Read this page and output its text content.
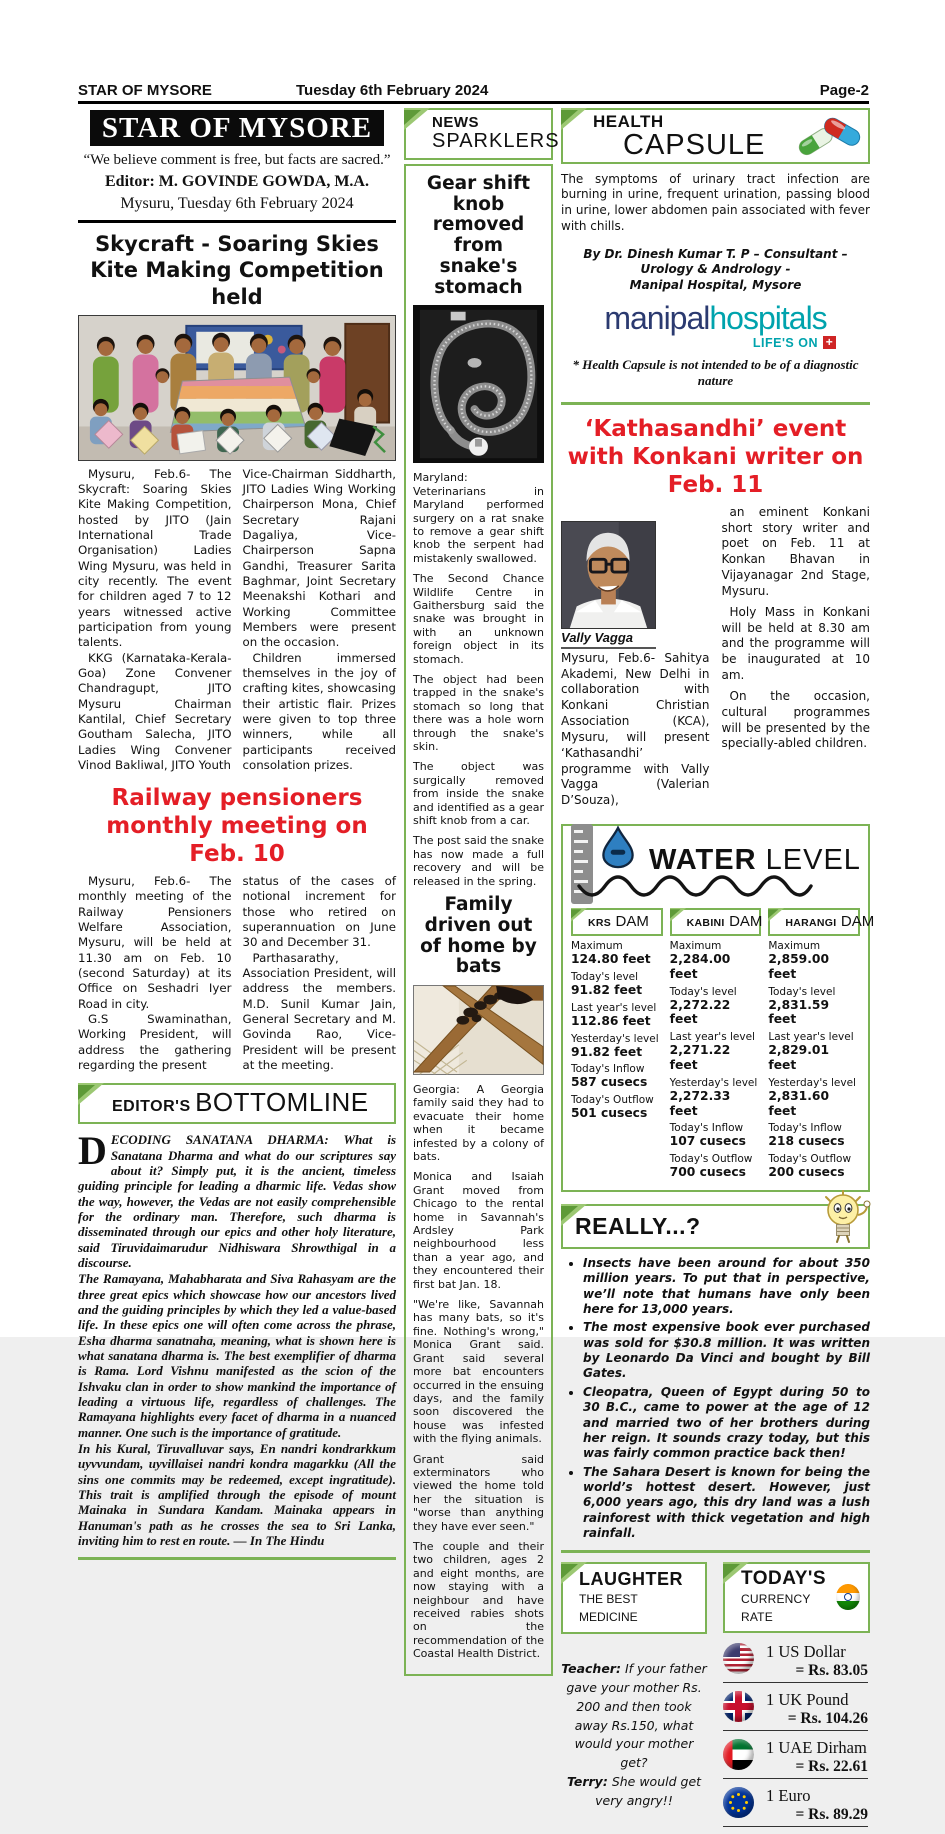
STAR OF MYSORE	Tuesday 6th February 2024	Page-2
STAR OF MYSORE
“We believe comment is free, but facts are sacred.”
Editor: M. GOVINDE GOWDA, M.A.
Mysuru, Tuesday 6th February 2024
Skycraft - Soaring Skies Kite Making Competition held

Mysuru, Feb.6- The Skycraft: Soaring Skies Kite Making Competition, hosted by JITO (Jain International Trade Organisation) Ladies Wing Mysuru, was held in city recently. The event for children aged 7 to 12 years witnessed active participation from young talents.

KKG (Karnataka-Kerala-Goa) Zone Convener Chandragupt, JITO Mysuru Chairman Kantilal, Chief Secretary Goutham Salecha, JITO Ladies Wing Convener Vinod Bakliwal, JITO Youth

Vice-Chairman Siddharth, JITO Ladies Wing Working Chairperson Mona, Chief Secretary Rajani Dagaliya, Vice-Chairperson Sapna Gandhi, Treasurer Sarita Baghmar, Joint Secretary Meenakshi Kothari and Working Committee Members were present on the occasion.

Children immersed themselves in the joy of crafting kites, showcasing their artistic flair. Prizes were given to top three winners, while all participants received consolation prizes.

Railway pensioners monthly meeting on Feb. 10

Mysuru, Feb.6- The monthly meeting of the Railway Pensioners Welfare Association, Mysuru, will be held at 11.30 am on Feb. 10 (second Saturday) at its Office on Seshadri Iyer Road in city.

G.S Swaminathan, Working President, will address the gathering regarding the present

status of the cases of notional increment for those who retired on superannuation on June 30 and December 31.

Parthasarathy, Association President, will address the members. M.D. Sunil Kumar Jain, General Secretary and M. Govinda Rao, Vice-President will be present at the meeting.

EDITOR'S BOTTOMLINE

DECODING SANATANA DHARMA: What is Sanatana Dharma and what do our scriptures say about it? Simply put, it is the ancient, timeless guiding principle for leading a dharmic life. Vedas show the way, however, the Vedas are not easily comprehensible for the ordinary man. Therefore, such dharma is disseminated through our epics and other holy literature, said Tiruvidaimarudur Nidhiswara Shrowthigal in a discourse.

The Ramayana, Mahabharata and Siva Rahasyam are the three great epics which showcase how our ancestors lived and the guiding principles by which they led a value-based life. In these epics one will often come across the phrase, Esha dharma sanatnaha, meaning, what is shown here is what sanatana dharma is. The best exemplifier of dharma is Rama. Lord Vishnu manifested as the scion of the Ishvaku clan in order to show mankind the importance of leading a virtuous life, regardless of challenges. The Ramayana highlights every facet of dharma in a nuanced manner. One such is the importance of gratitude.

In his Kural, Tiruvalluvar says, En nandri kondrarkkum uyvvundam, uyvillaisei nandri kondra magarkku (All the sins one commits may be redeemed, except ingratitude). This trait is amplified through the episode of mount Mainaka in Sundara Kandam. Mainaka appears in Hanuman's path as he crosses the sea to Sri Lanka, inviting him to rest en route. — In The Hindu

NEWS
SPARKLERS
Gear shift knob removed from snake's stomach

Maryland: Veterinarians in Maryland performed surgery on a rat snake to remove a gear shift knob the serpent had mistakenly swallowed.

The Second Chance Wildlife Centre in Gaithersburg said the snake was brought in with an unknown foreign object in its stomach.

The object had been trapped in the snake's stomach so long that there was a hole worn through the snake's skin.

The object was surgically removed from inside the snake and identified as a gear shift knob from a car.

The post said the snake has now made a full recovery and will be released in the spring.

Family driven out of home by bats

Georgia: A Georgia family said they had to evacuate their home when it became infested by a colony of bats.

Monica and Isaiah Grant moved from Chicago to the rental home in Savannah's Ardsley Park neighbourhood less than a year ago, and they encountered their first bat Jan. 18.

"We're like, Savannah has many bats, so it's fine. Nothing's wrong," Monica Grant said. Grant said several more bat encounters occurred in the ensuing days, and the family soon discovered the house was infested with the flying animals.

Grant said exterminators who viewed the home told her the situation is "worse than anything they have ever seen."

The couple and their two children, ages 2 and eight months, are now staying with a neighbour and have received rabies shots on the recommendation of the Coastal Health District.

HEALTH
CAPSULE

The symptoms of urinary tract infection are burning in urine, frequent urination, passing blood in urine, lower abdomen pain associated with fever with chills.

By Dr. Dinesh Kumar T. P – Consultant – Urology & Andrology -
Manipal Hospital, Mysore
manipalhospitals
LIFE'S ON+

* Health Capsule is not intended to be of a diagnostic nature

‘Kathasandhi’ event with Konkani writer on Feb. 11
Vally Vagga

Mysuru, Feb.6- Sahitya Akademi, New Delhi in collaboration with Konkani Christian Association (KCA), Mysuru, will present ‘Kathasandhi’ programme with Vally Vagga (Valerian D’Souza),

an eminent Konkani short story writer and poet on Feb. 11 at Konkan Bhavan in Vijayanagar 2nd Stage, Mysuru.

Holy Mass in Konkani will be held at 8.30 am and the programme will be inaugurated at 10 am.

On the occasion, cultural programmes will be presented by the specially-abled children.

WATER LEVEL
KRS DAM
Maximum
124.80 feet
Today's level
91.82 feet
Last year's level
112.86 feet
Yesterday's level
91.82 feet
Today's Inflow
587 cusecs
Today's Outflow
501 cusecs
KABINI DAM
Maximum
2,284.00 feet
Today's level
2,272.22 feet
Last year's level
2,271.22 feet
Yesterday's level
2,272.33 feet
Today's Inflow
107 cusecs
Today's Outflow
700 cusecs
HARANGI DAM
Maximum
2,859.00 feet
Today's level
2,831.59 feet
Last year's level
2,829.01 feet
Yesterday's level
2,831.60 feet
Today's Inflow
218 cusecs
Today's Outflow
200 cusecs
REALLY...?
• Insects have been around for about 350 million years. To put that in perspective, we’ll note that humans have only been here for 13,000 years.
• The most expensive book ever purchased was sold for $30.8 million. It was written by Leonardo Da Vinci and bought by Bill Gates.
• Cleopatra, Queen of Egypt during 50 to 30 B.C., came to power at the age of 12 and married two of her brothers during her reign. It sounds crazy today, but this was fairly common practice back then!
• The Sahara Desert is known for being the world’s hottest desert. However, just 6,000 years ago, this dry land was a lush rainforest with thick vegetation and high rainfall.
LAUGHTER
THE BEST MEDICINE

Teacher: If your father gave your mother Rs. 200 and then took away Rs.150, what would your mother get?

Terry: She would get very angry!!

TODAY'S
CURRENCY RATE
1 US Dollar
= Rs. 83.05
1 UK Pound
= Rs. 104.26
1 UAE Dirham
= Rs. 22.61
1 Euro
= Rs. 89.29
